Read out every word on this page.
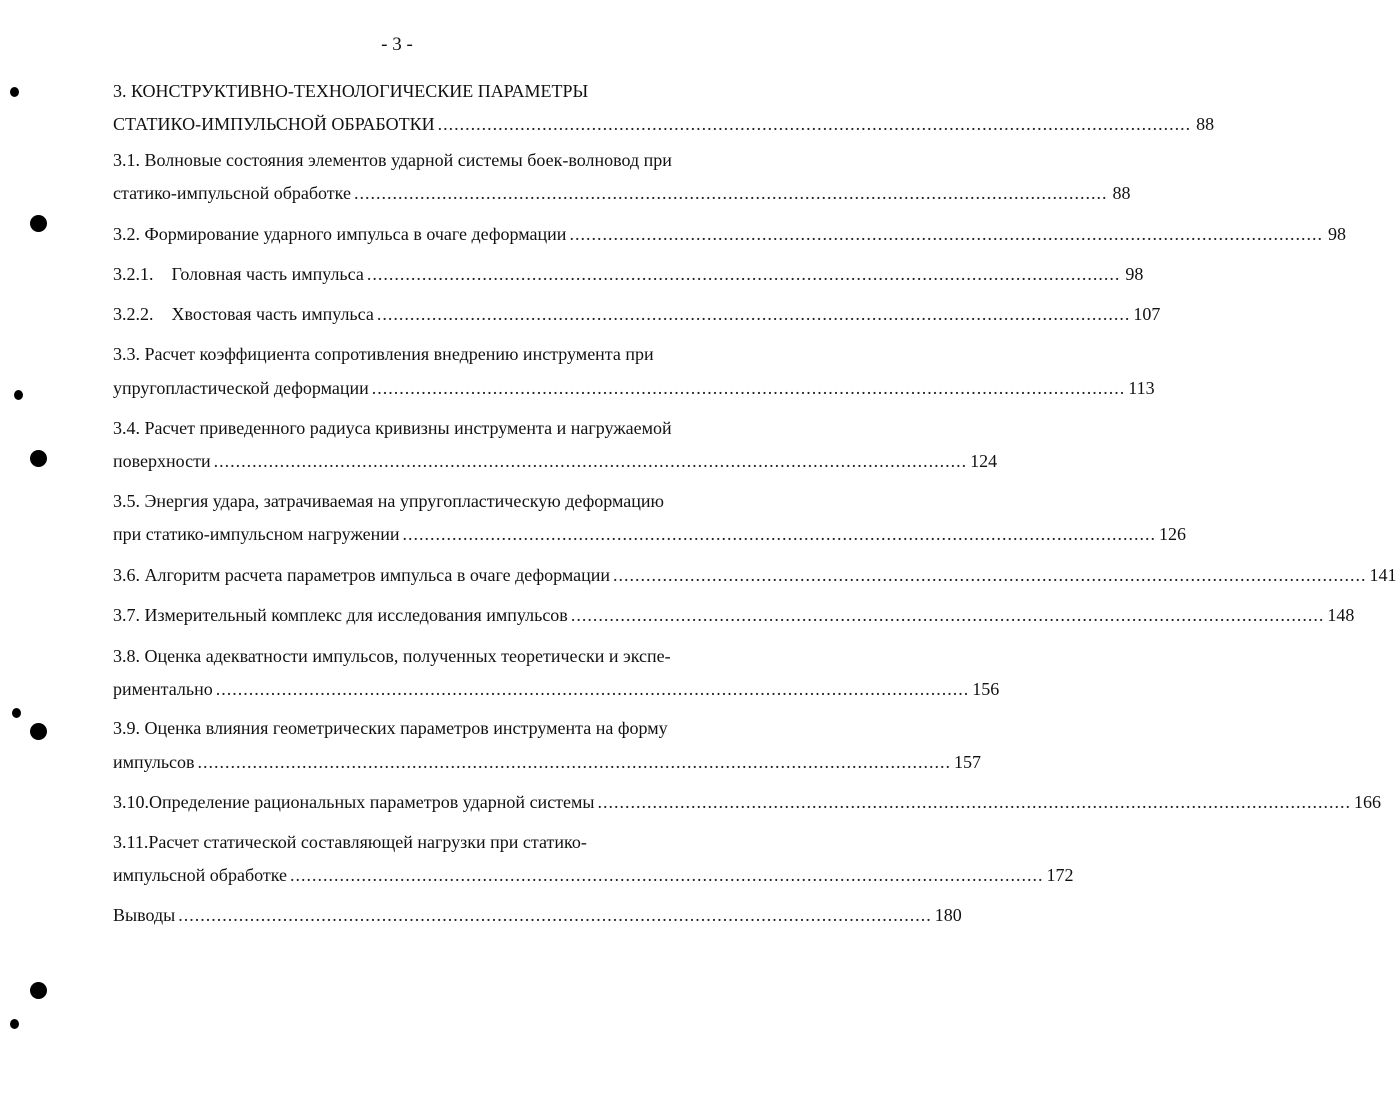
- 3 -
3. КОНСТРУКТИВНО-ТЕХНОЛОГИЧЕСКИЕ ПАРАМЕТРЫ
СТАТИКО-ИМПУЛЬСНОЙ ОБРАБОТКИ ......................................................................................................................................... 88
3.1. Волновые состояния элементов ударной системы боек-волновод при
статико-импульсной обработке ......................................................................................................................................... 88
3.2. Формирование ударного импульса в очаге деформации ......................................................................................................................................... 98
3.2.1.    Головная часть импульса ......................................................................................................................................... 98
3.2.2.    Хвостовая часть импульса ......................................................................................................................................... 107
3.3. Расчет коэффициента сопротивления внедрению инструмента при
упругопластической деформации ......................................................................................................................................... 113
3.4. Расчет приведенного радиуса кривизны инструмента и нагружаемой
поверхности ......................................................................................................................................... 124
3.5. Энергия удара, затрачиваемая на упругопластическую деформацию
при статико-импульсном нагружении ......................................................................................................................................... 126
3.6. Алгоритм расчета параметров импульса в очаге деформации ......................................................................................................................................... 141
3.7. Измерительный комплекс для исследования импульсов ......................................................................................................................................... 148
3.8. Оценка адекватности импульсов, полученных теоретически и экспе-
риментально ......................................................................................................................................... 156
3.9. Оценка влияния геометрических параметров инструмента на форму
импульсов ......................................................................................................................................... 157
3.10.Определение рациональных параметров ударной системы ......................................................................................................................................... 166
3.11.Расчет статической составляющей нагрузки при статико-
импульсной обработке ......................................................................................................................................... 172
Выводы ......................................................................................................................................... 180
